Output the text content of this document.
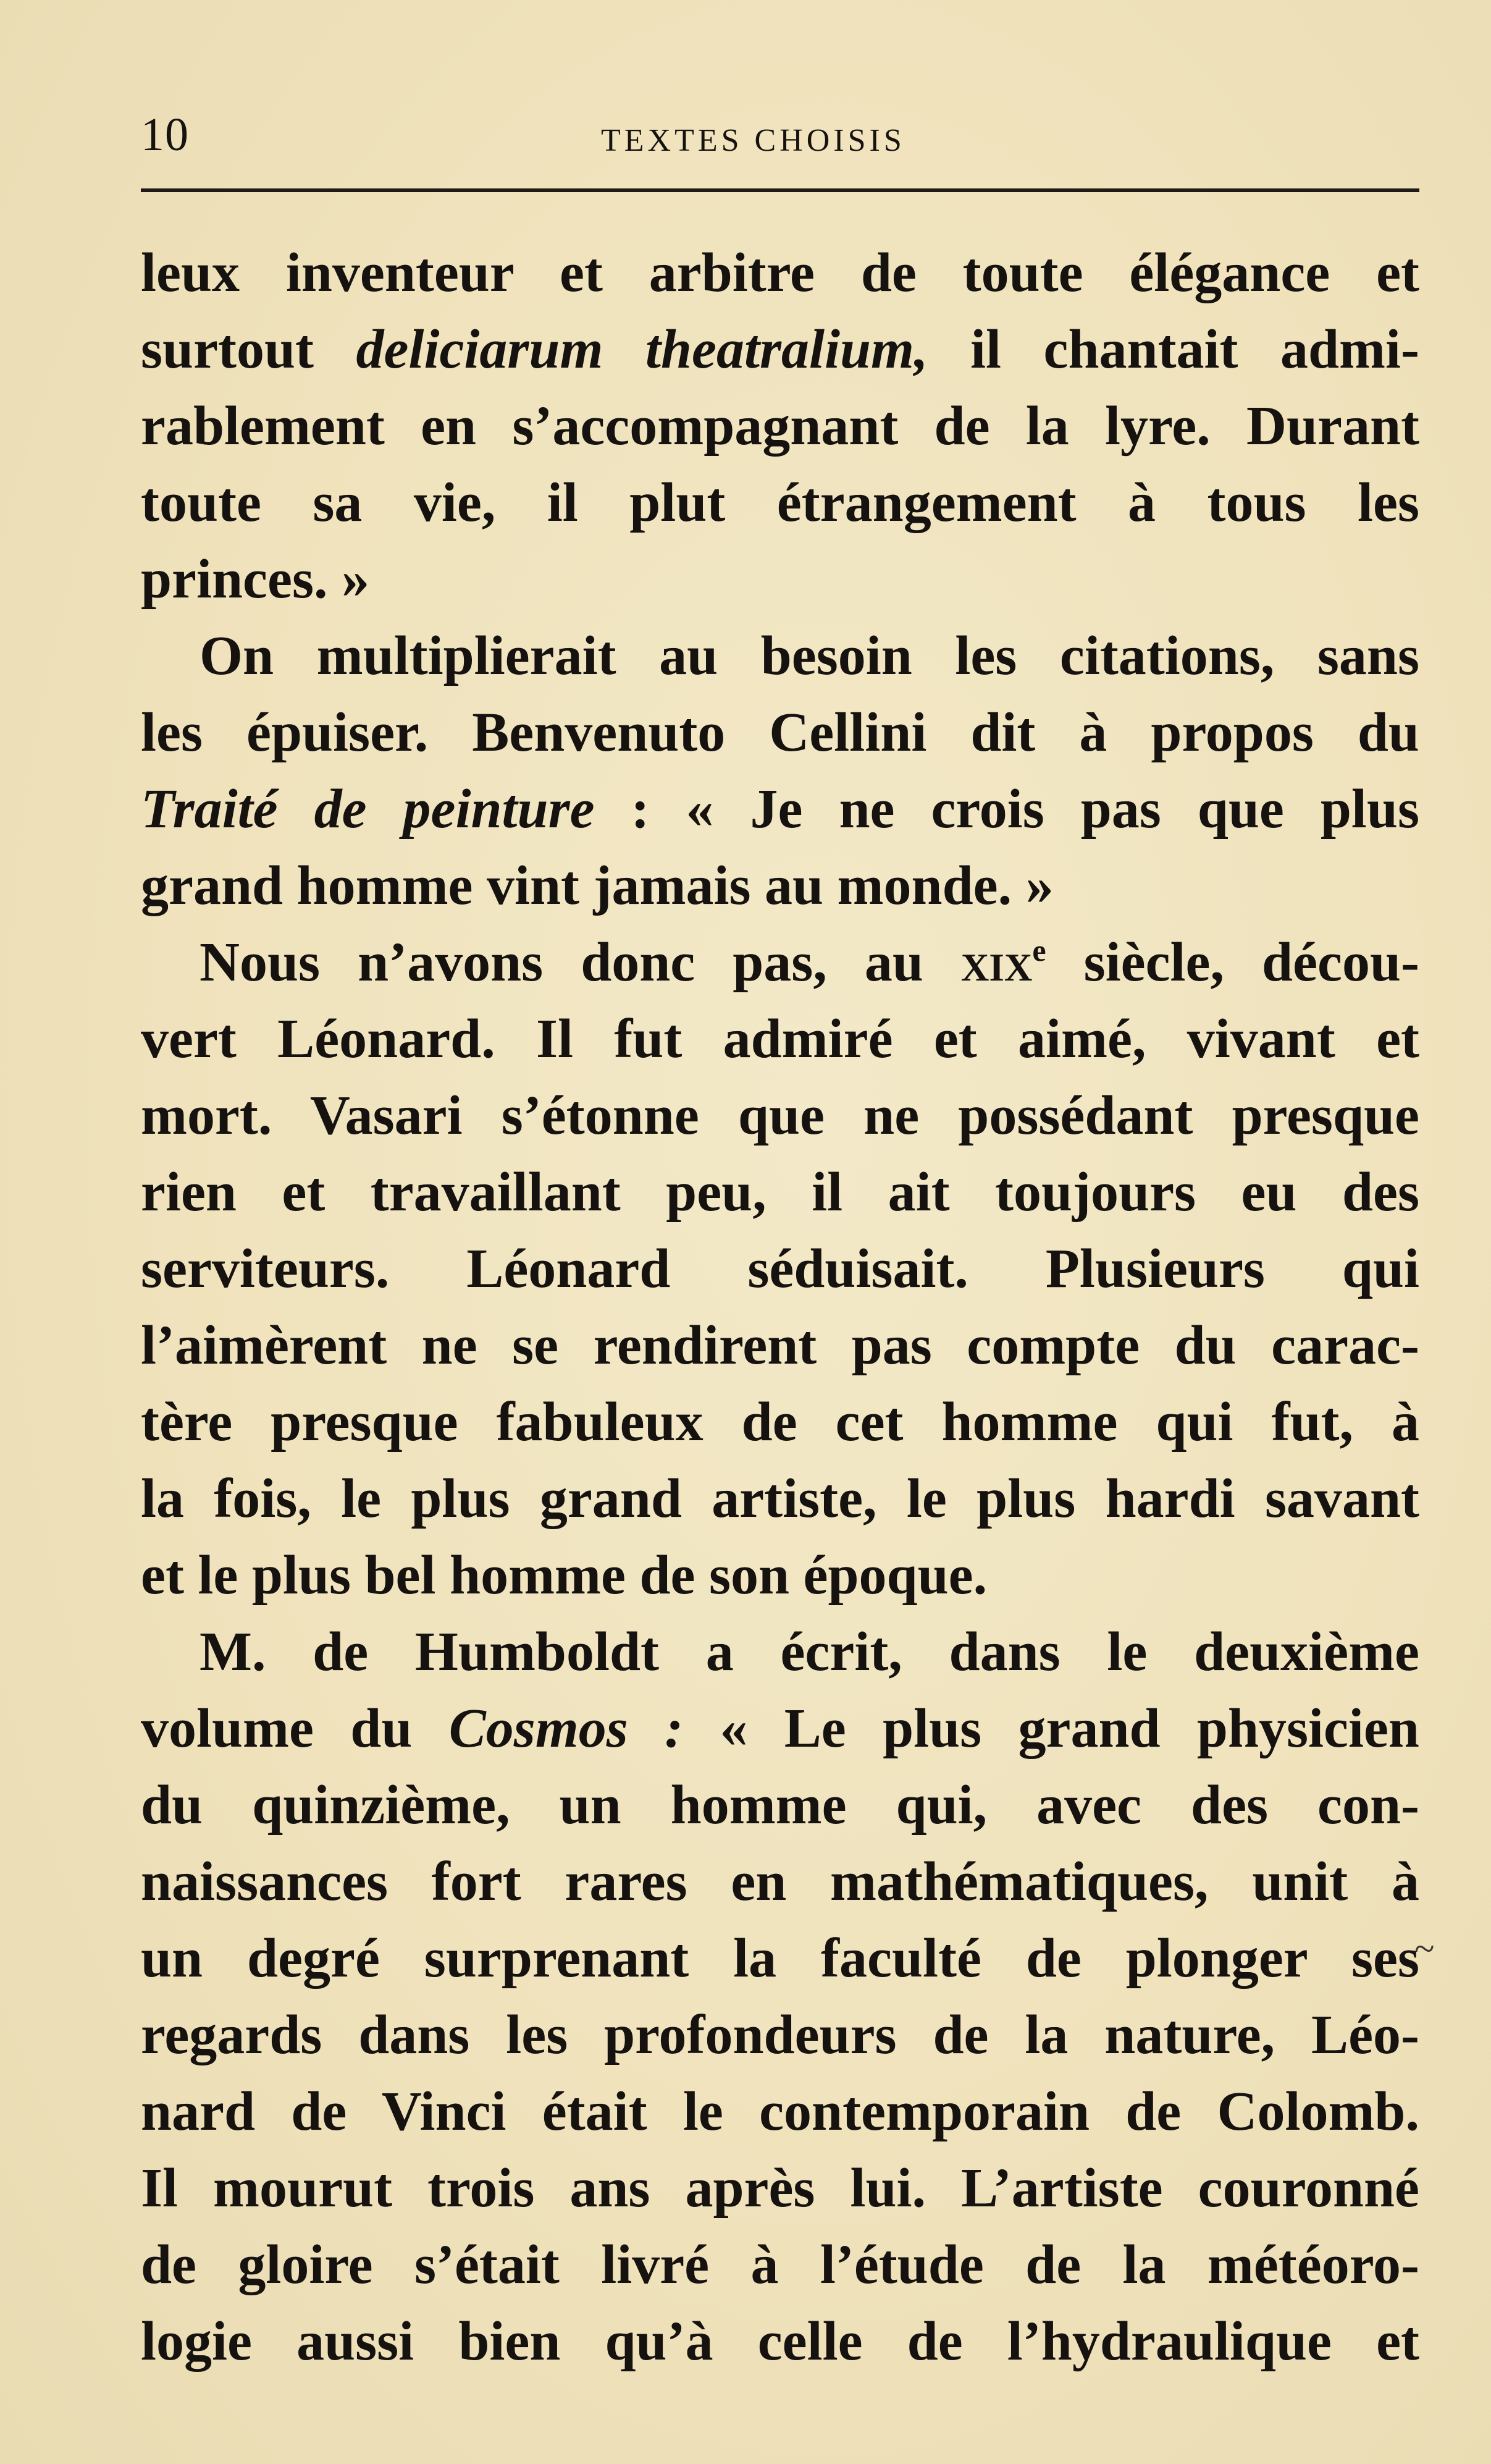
10	TEXTES CHOISIS
leux inventeur et arbitre de toute élégance et
surtout deliciarum theatralium, il chantait admi-
rablement en s’accompagnant de la lyre. Durant
toute sa vie, il plut étrangement à tous les
princes. »
On multiplierait au besoin les citations, sans
les épuiser. Benvenuto Cellini dit à propos du
Traité de peinture : « Je ne crois pas que plus
grand homme vint jamais au monde. »
Nous n’avons donc pas, au xix$^e$ siècle, décou-
vert Léonard. Il fut admiré et aimé, vivant et
mort. Vasari s’étonne que ne possédant presque
rien et travaillant peu, il ait toujours eu des
serviteurs. Léonard séduisait. Plusieurs qui
l’aimèrent ne se rendirent pas compte du carac-
tère presque fabuleux de cet homme qui fut, à
la fois, le plus grand artiste, le plus hardi savant
et le plus bel homme de son époque.
M. de Humboldt a écrit, dans le deuxième
volume du Cosmos : « Le plus grand physicien
du quinzième, un homme qui, avec des con-
naissances fort rares en mathématiques, unit à
un degré surprenant la faculté de plonger ses
regards dans les profondeurs de la nature, Léo-
nard de Vinci était le contemporain de Colomb.
Il mourut trois ans après lui. L’artiste couronné
de gloire s’était livré à l’étude de la météoro-
logie aussi bien qu’à celle de l’hydraulique et
~
